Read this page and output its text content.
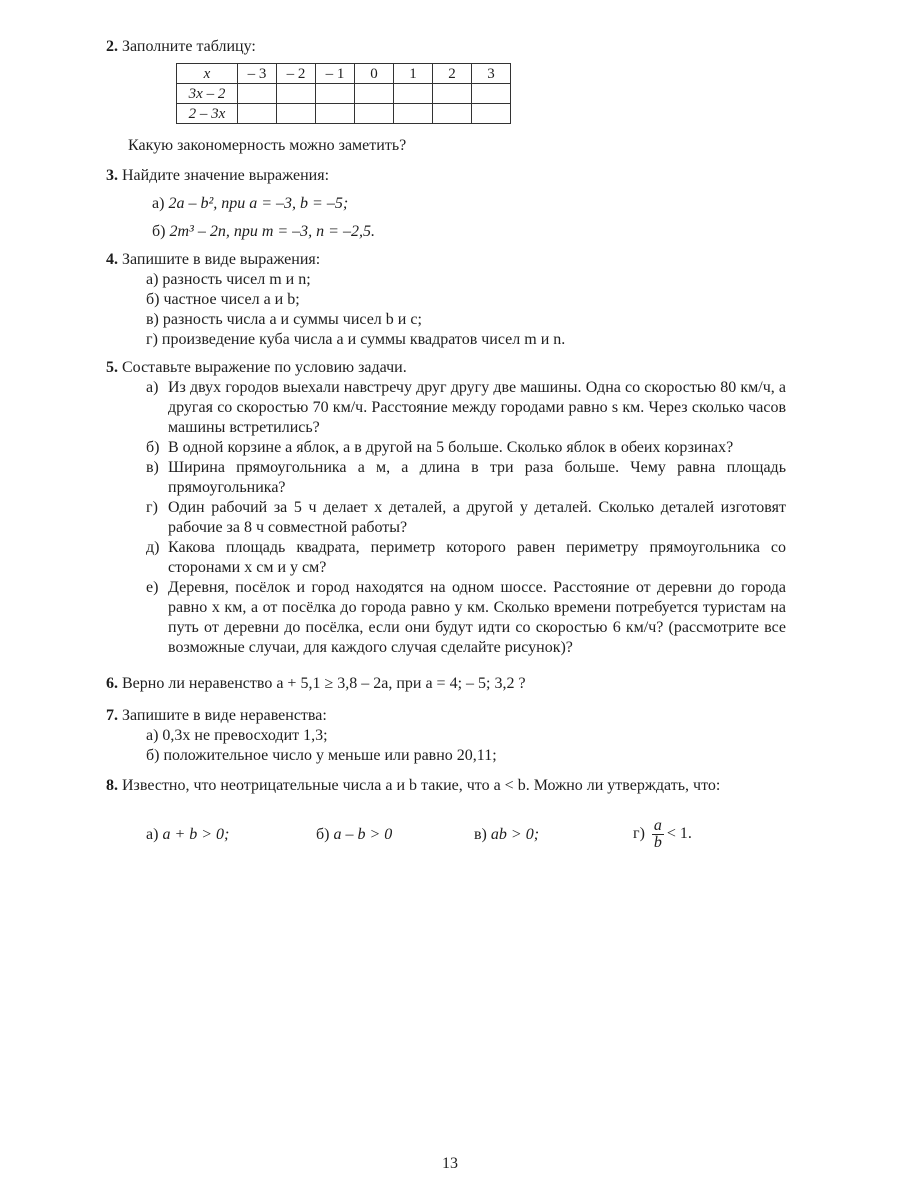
2. Заполните таблицу:
x	– 3	– 2	– 1	0	1	2	3
3x – 2							
2 – 3x							
Какую закономерность можно заметить?
3. Найдите значение выражения:
а) 2a – b², при a = –3, b = –5;
б) 2m³ – 2n, при m = –3, n = –2,5.
4. Запишите в виде выражения:
а) разность чисел m и n;
б) частное чисел a и b;
в) разность числа a и суммы чисел b и c;
г) произведение куба числа a и суммы квадратов чисел m и n.
5. Составьте выражение по условию задачи.
а) Из двух городов выехали навстречу друг другу две машины. Одна со скоростью 80 км/ч, а другая со скоростью 70 км/ч. Расстояние между городами равно s км. Через сколько часов машины встретились?
б) В одной корзине a яблок, а в другой на 5 больше. Сколько яблок в обеих корзинах?
в) Ширина прямоугольника a м, а длина в три раза больше. Чему равна площадь прямоугольника?
г) Один рабочий за 5 ч делает x деталей, а другой y деталей. Сколько деталей изготовят рабочие за 8 ч совместной работы?
д) Какова площадь квадрата, периметр которого равен периметру прямоугольника со сторонами x см и y см?
е) Деревня, посёлок и город находятся на одном шоссе. Расстояние от деревни до города равно x км, а от посёлка до города равно y км. Сколько времени потребуется туристам на путь от деревни до посёлка, если они будут идти со скоростью 6 км/ч? (рассмотрите все возможные случаи, для каждого случая сделайте рисунок)?
6. Верно ли неравенство a + 5,1 ≥ 3,8 – 2a, при a = 4; – 5; 3,2 ?
7. Запишите в виде неравенства:
а) 0,3x не превосходит 1,3;
б) положительное число y меньше или равно 20,11;
8. Известно, что неотрицательные числа a и b такие, что a < b. Можно ли утверждать, что:
а) a + b > 0;	б) a – b > 0	в) ab > 0;	$г) \frac{a}{b} < 1$.
13
